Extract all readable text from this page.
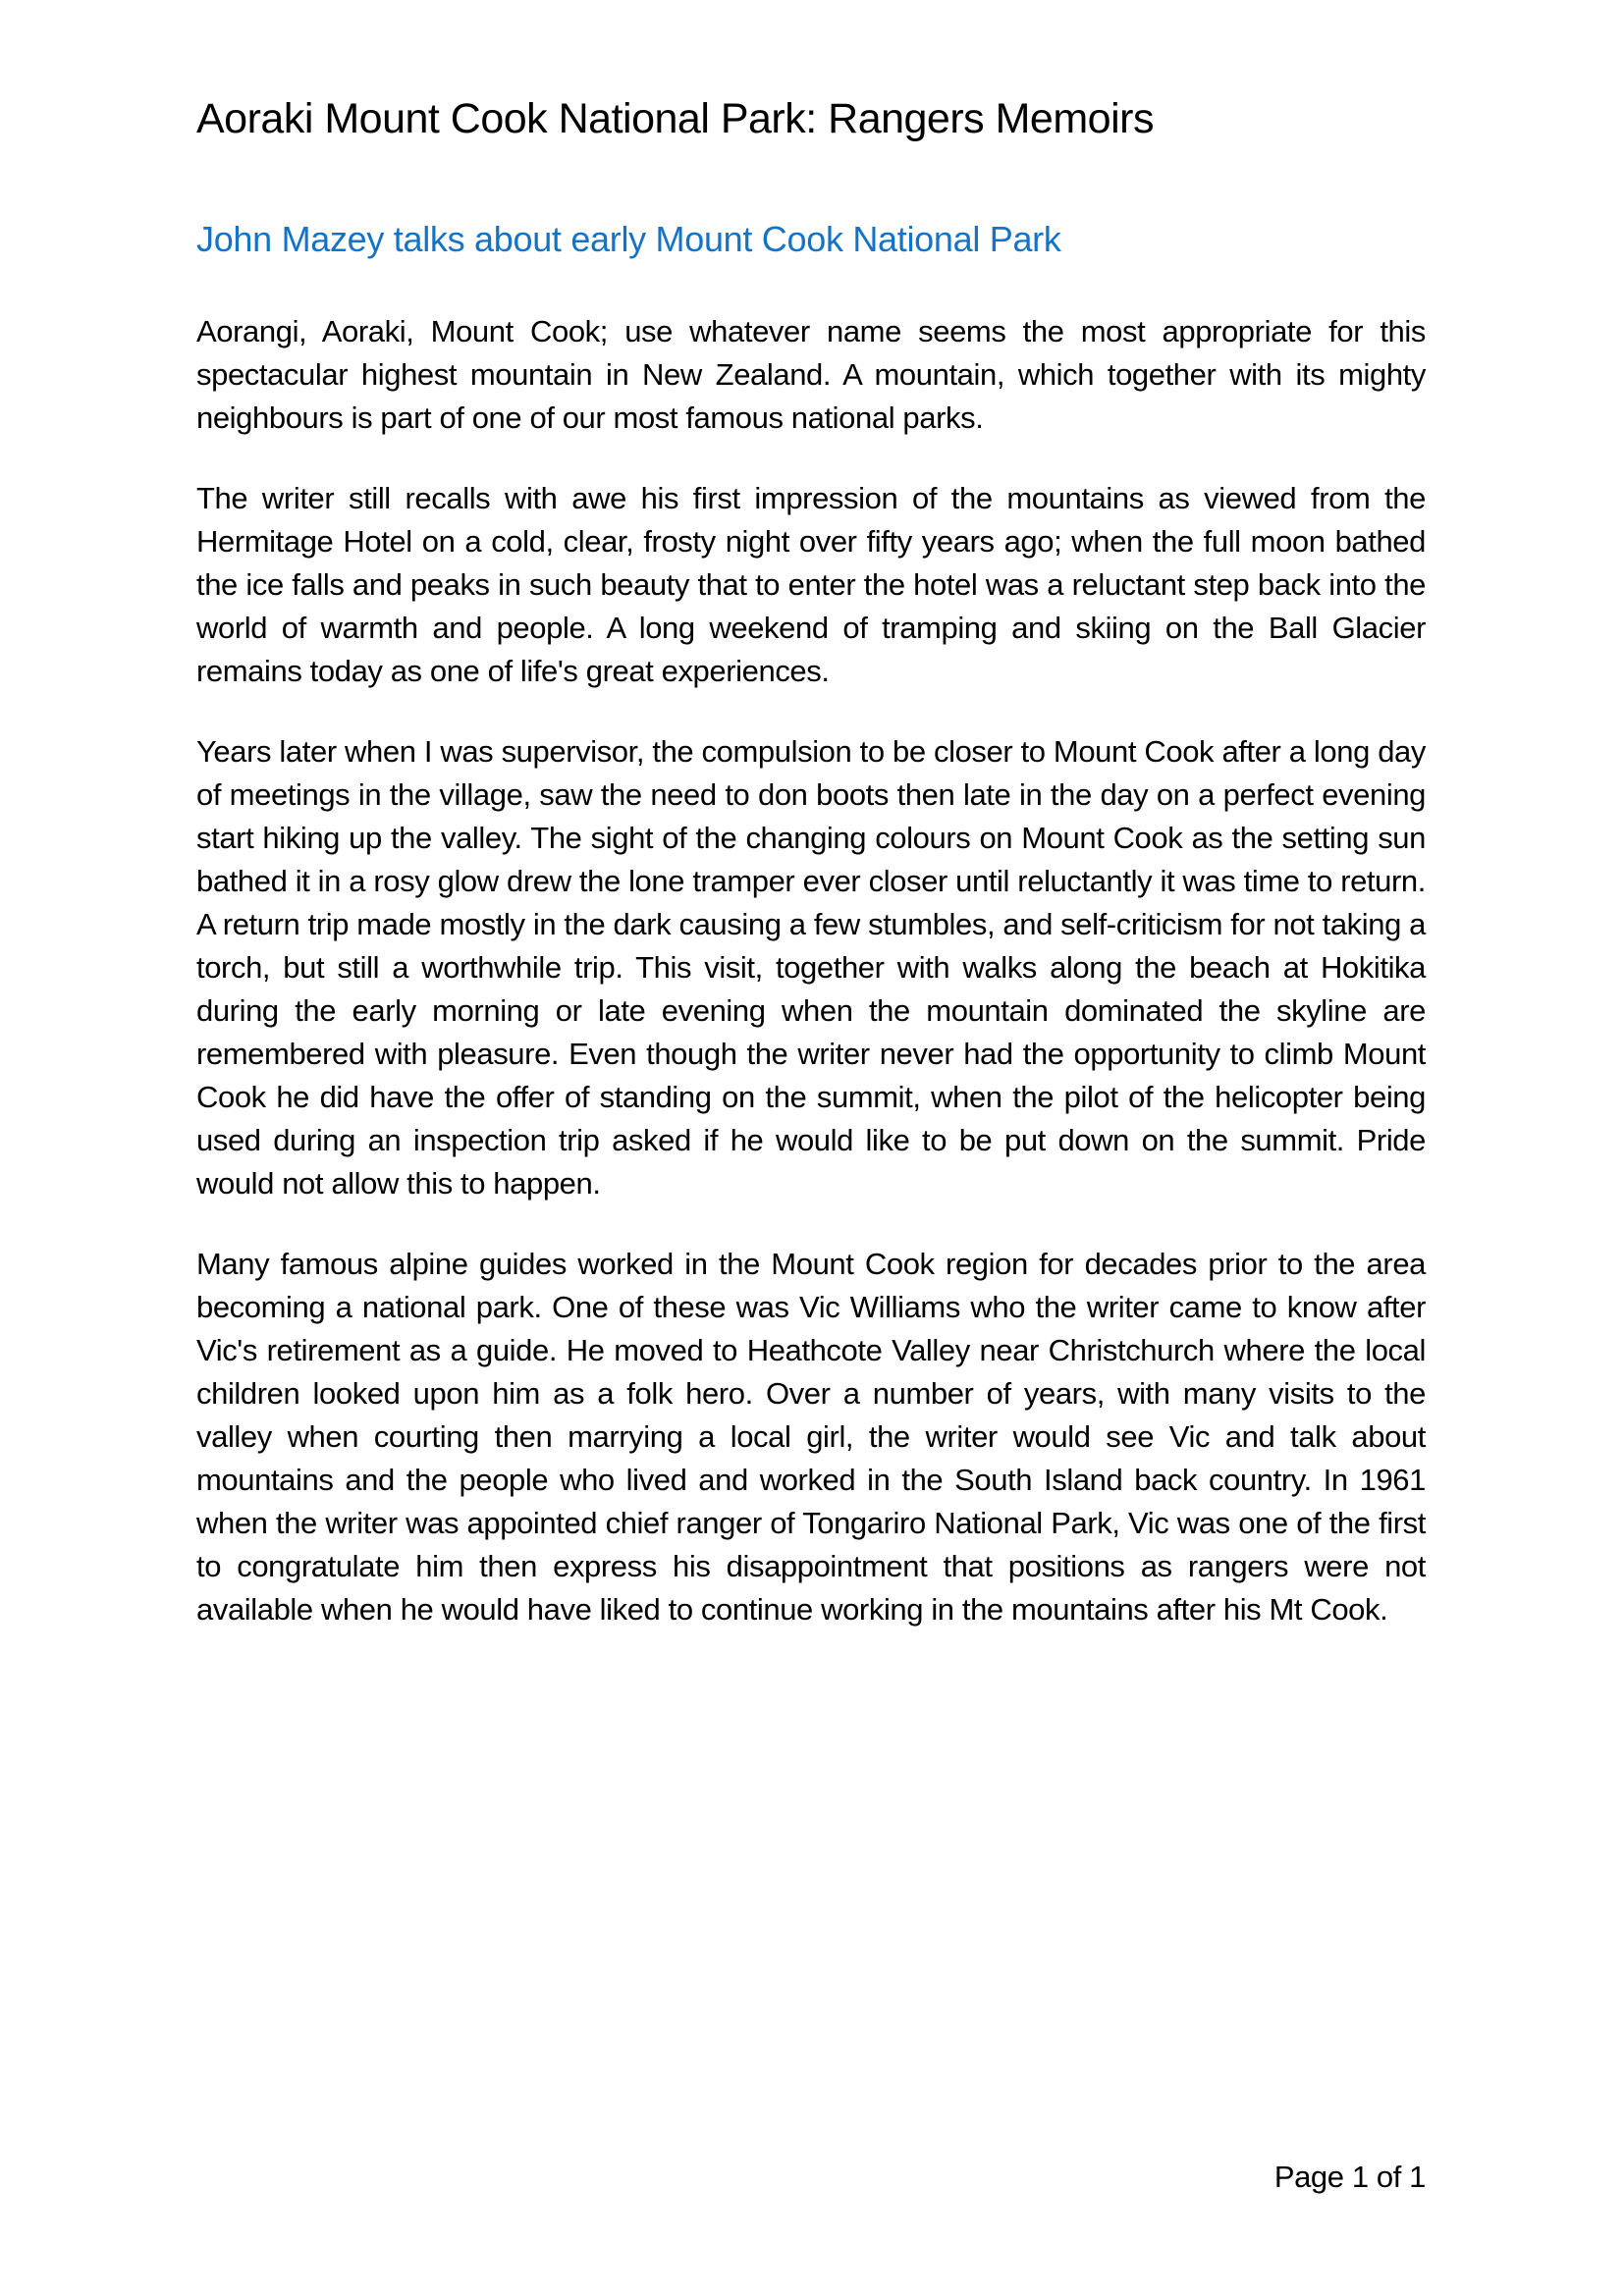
Aoraki Mount Cook National Park: Rangers Memoirs
John Mazey talks about early Mount Cook National Park

Aorangi, Aoraki, Mount Cook; use whatever name seems the most appropriate for this spectacular highest mountain in New Zealand. A mountain, which together with its mighty neighbours is part of one of our most famous national parks.

The writer still recalls with awe his first impression of the mountains as viewed from the Hermitage Hotel on a cold, clear, frosty night over fifty years ago; when the full moon bathed the ice falls and peaks in such beauty that to enter the hotel was a reluctant step back into the world of warmth and people. A long weekend of tramping and skiing on the Ball Glacier remains today as one of life's great experiences.

Years later when I was supervisor, the compulsion to be closer to Mount Cook after a long day of meetings in the village, saw the need to don boots then late in the day on a perfect evening start hiking up the valley. The sight of the changing colours on Mount Cook as the setting sun bathed it in a rosy glow drew the lone tramper ever closer until reluctantly it was time to return. A return trip made mostly in the dark causing a few stumbles, and self-criticism for not taking a torch, but still a worthwhile trip. This visit, together with walks along the beach at Hokitika during the early morning or late evening when the mountain dominated the skyline are remembered with pleasure. Even though the writer never had the opportunity to climb Mount Cook he did have the offer of standing on the summit, when the pilot of the helicopter being used during an inspection trip asked if he would like to be put down on the summit. Pride would not allow this to happen.

Many famous alpine guides worked in the Mount Cook region for decades prior to the area becoming a national park. One of these was Vic Williams who the writer came to know after Vic's retirement as a guide. He moved to Heathcote Valley near Christchurch where the local children looked upon him as a folk hero. Over a number of years, with many visits to the valley when courting then marrying a local girl, the writer would see Vic and talk about mountains and the people who lived and worked in the South Island back country. In 1961 when the writer was appointed chief ranger of Tongariro National Park, Vic was one of the first to congratulate him then express his disappointment that positions as rangers were not available when he would have liked to continue working in the mountains after his Mt Cook.

Page 1 of 1
